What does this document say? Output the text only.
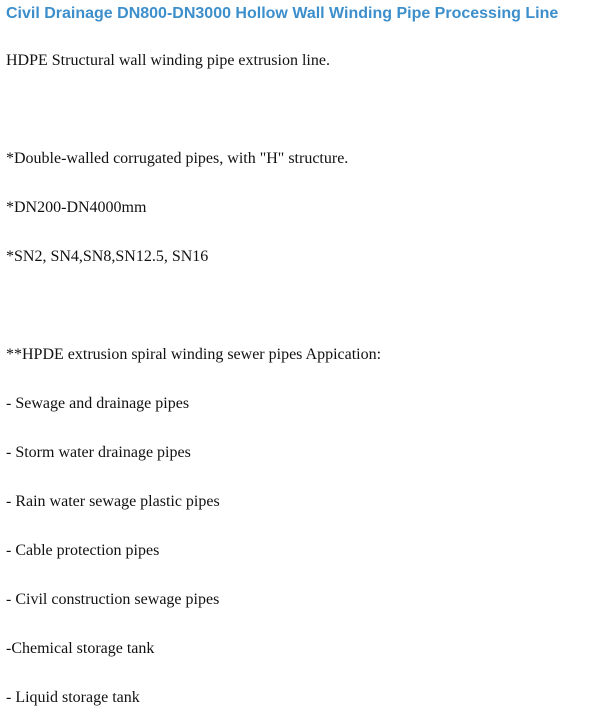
Civil Drainage DN800-DN3000 Hollow Wall Winding Pipe Processing Line

HDPE Structural wall winding pipe extrusion line.

*Double-walled corrugated pipes, with "H" structure.

*DN200-DN4000mm

*SN2, SN4,SN8,SN12.5, SN16

**HPDE extrusion spiral winding sewer pipes Appication:

- Sewage and drainage pipes

- Storm water drainage pipes

- Rain water sewage plastic pipes

- Cable protection pipes

- Civil construction sewage pipes

-Chemical storage tank

- Liquid storage tank
